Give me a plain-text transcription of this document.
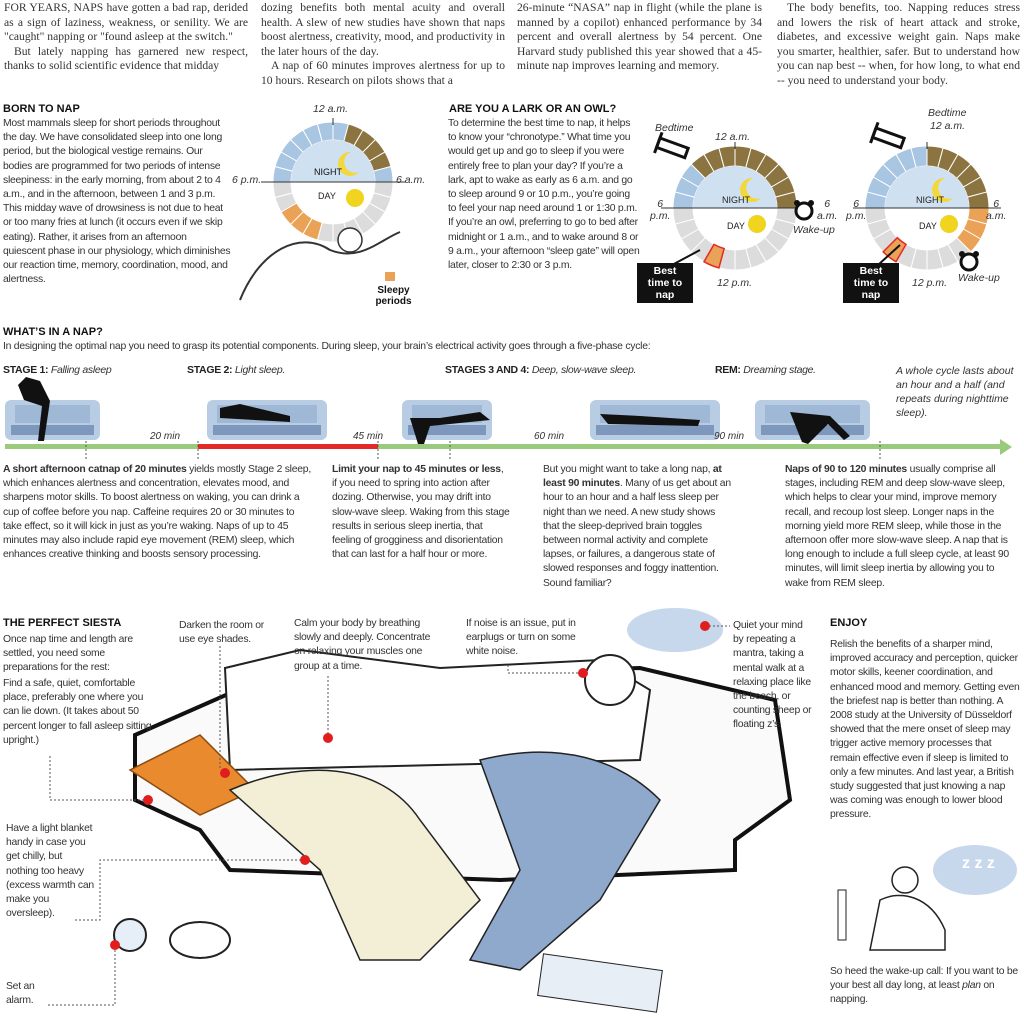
FOR YEARS, NAPS have gotten a bad rap, derided as a sign of laziness, weakness, or senility. We are "caught" napping or "found asleep at the switch."

But lately napping has garnered new respect, thanks to solid scientific evidence that midday

dozing benefits both mental acuity and overall health. A slew of new studies have shown that naps boost alertness, creativity, mood, and productivity in the later hours of the day.

A nap of 60 minutes improves alertness for up to 10 hours. Research on pilots shows that a

26-minute “NASA” nap in flight (while the plane is manned by a copilot) enhanced performance by 34 percent and overall alertness by 54 percent. One Harvard study published this year showed that a 45-minute nap improves learning and memory.

The body benefits, too. Napping reduces stress and lowers the risk of heart attack and stroke, diabetes, and excessive weight gain. Naps make you smarter, healthier, safer. But to understand how you can nap best -- when, for how long, to what end -- you need to understand your body.

BORN TO NAP
Most mammals sleep for short periods throughout the day. We have consolidated sleep into one long period, but the biological vestige remains. Our bodies are programmed for two periods of intense sleepiness: in the early morning, from about 2 to 4 a.m., and in the afternoon, between 1 and 3 p.m. This midday wave of drowsiness is not due to heat or too many fries at lunch (it occurs even if we skip eating). Rather, it arises from an afternoon quiescent phase in our physiology, which diminishes our reaction time, memory, coordination, mood, and alertness.
z z z
12 a.m.
6 p.m.	6 a.m.
NIGHT
DAY
Sleepy periods
ARE YOU A LARK OR AN OWL?
To determine the best time to nap, it helps to know your “chronotype.” What time you would get up and go to sleep if you were entirely free to plan your day? If you’re a lark, apt to wake as early as 6 a.m. and go to sleep around 9 or 10 p.m., you’re going to feel your nap need around 1 or 1:30 p.m. If you’re an owl, preferring to go to bed after midnight or 1 a.m., and to wake around 8 or 9 a.m., your afternoon “sleep gate” will open later, closer to 2:30 or 3 p.m.
Bedtime
12 a.m.
6
p.m.
6
a.m.
Wake-up
12 p.m.
NIGHT
DAY
Best time to nap
Bedtime
12 a.m.
6
p.m.
6
a.m.
Wake-up
12 p.m.
NIGHT
DAY
Best time to nap
WHAT’S IN A NAP?
In designing the optimal nap you need to grasp its potential components. During sleep, your brain’s electrical activity goes through a five-phase cycle:
STAGE 1: Falling asleep	STAGE 2: Light sleep.	STAGES 3 AND 4: Deep, slow-wave sleep.	REM: Dreaming stage.	A whole cycle lasts about an hour and a half (and repeats during nighttime sleep).
20 min	45 min	60 min	90 min
A short afternoon catnap of 20 minutes yields mostly Stage 2 sleep, which enhances alertness and concentration, elevates mood, and sharpens motor skills. To boost alertness on waking, you can drink a cup of coffee before you nap. Caffeine requires 20 or 30 minutes to take effect, so it will kick in just as you’re waking. Naps of up to 45 minutes may also include rapid eye movement (REM) sleep, which enhances creative thinking and boosts sensory processing.
Limit your nap to 45 minutes or less, if you need to spring into action after dozing. Otherwise, you may drift into slow-wave sleep. Waking from this stage results in serious sleep inertia, that feeling of grogginess and disorientation that can last for a half hour or more.
But you might want to take a long nap, at least 90 minutes. Many of us get about an hour to an hour and a half less sleep per night than we need. A new study shows that the sleep-deprived brain toggles between normal activity and complete lapses, or failures, a dangerous state of slowed responses and foggy inattention. Sound familiar?
Naps of 90 to 120 minutes usually comprise all stages, including REM and deep slow-wave sleep, which helps to clear your mind, improve memory recall, and recoup lost sleep. Longer naps in the morning yield more REM sleep, while those in the afternoon offer more slow-wave sleep. A nap that is long enough to include a full sleep cycle, at least 90 minutes, will limit sleep inertia by allowing you to wake from REM sleep.
THE PERFECT SIESTA
Once nap time and length are settled, you need some preparations for the rest:
Find a safe, quiet, comfortable place, preferably one where you can lie down. (It takes about 50 percent longer to fall asleep sitting upright.)
Have a light blanket handy in case you get chilly, but nothing too heavy (excess warmth can make you oversleep).
Set an alarm.
Darken the room or use eye shades.
Calm your body by breathing slowly and deeply. Concentrate on relaxing your muscles one group at a time.
If noise is an issue, put in earplugs or turn on some white noise.
Quiet your mind by repeating a mantra, taking a mental walk at a relaxing place like the beach, or counting sheep or floating z’s.
ENJOY
Relish the benefits of a sharper mind, improved accuracy and perception, quicker motor skills, keener coordination, and enhanced mood and memory. Getting even the briefest nap is better than nothing. A 2008 study at the University of Düsseldorf showed that the mere onset of sleep may trigger active memory processes that remain effective even if sleep is limited to only a few minutes. And last year, a British study suggested that just knowing a nap was coming was enough to lower blood pressure.
So heed the wake-up call: If you want to be your best all day long, at least plan on napping.
